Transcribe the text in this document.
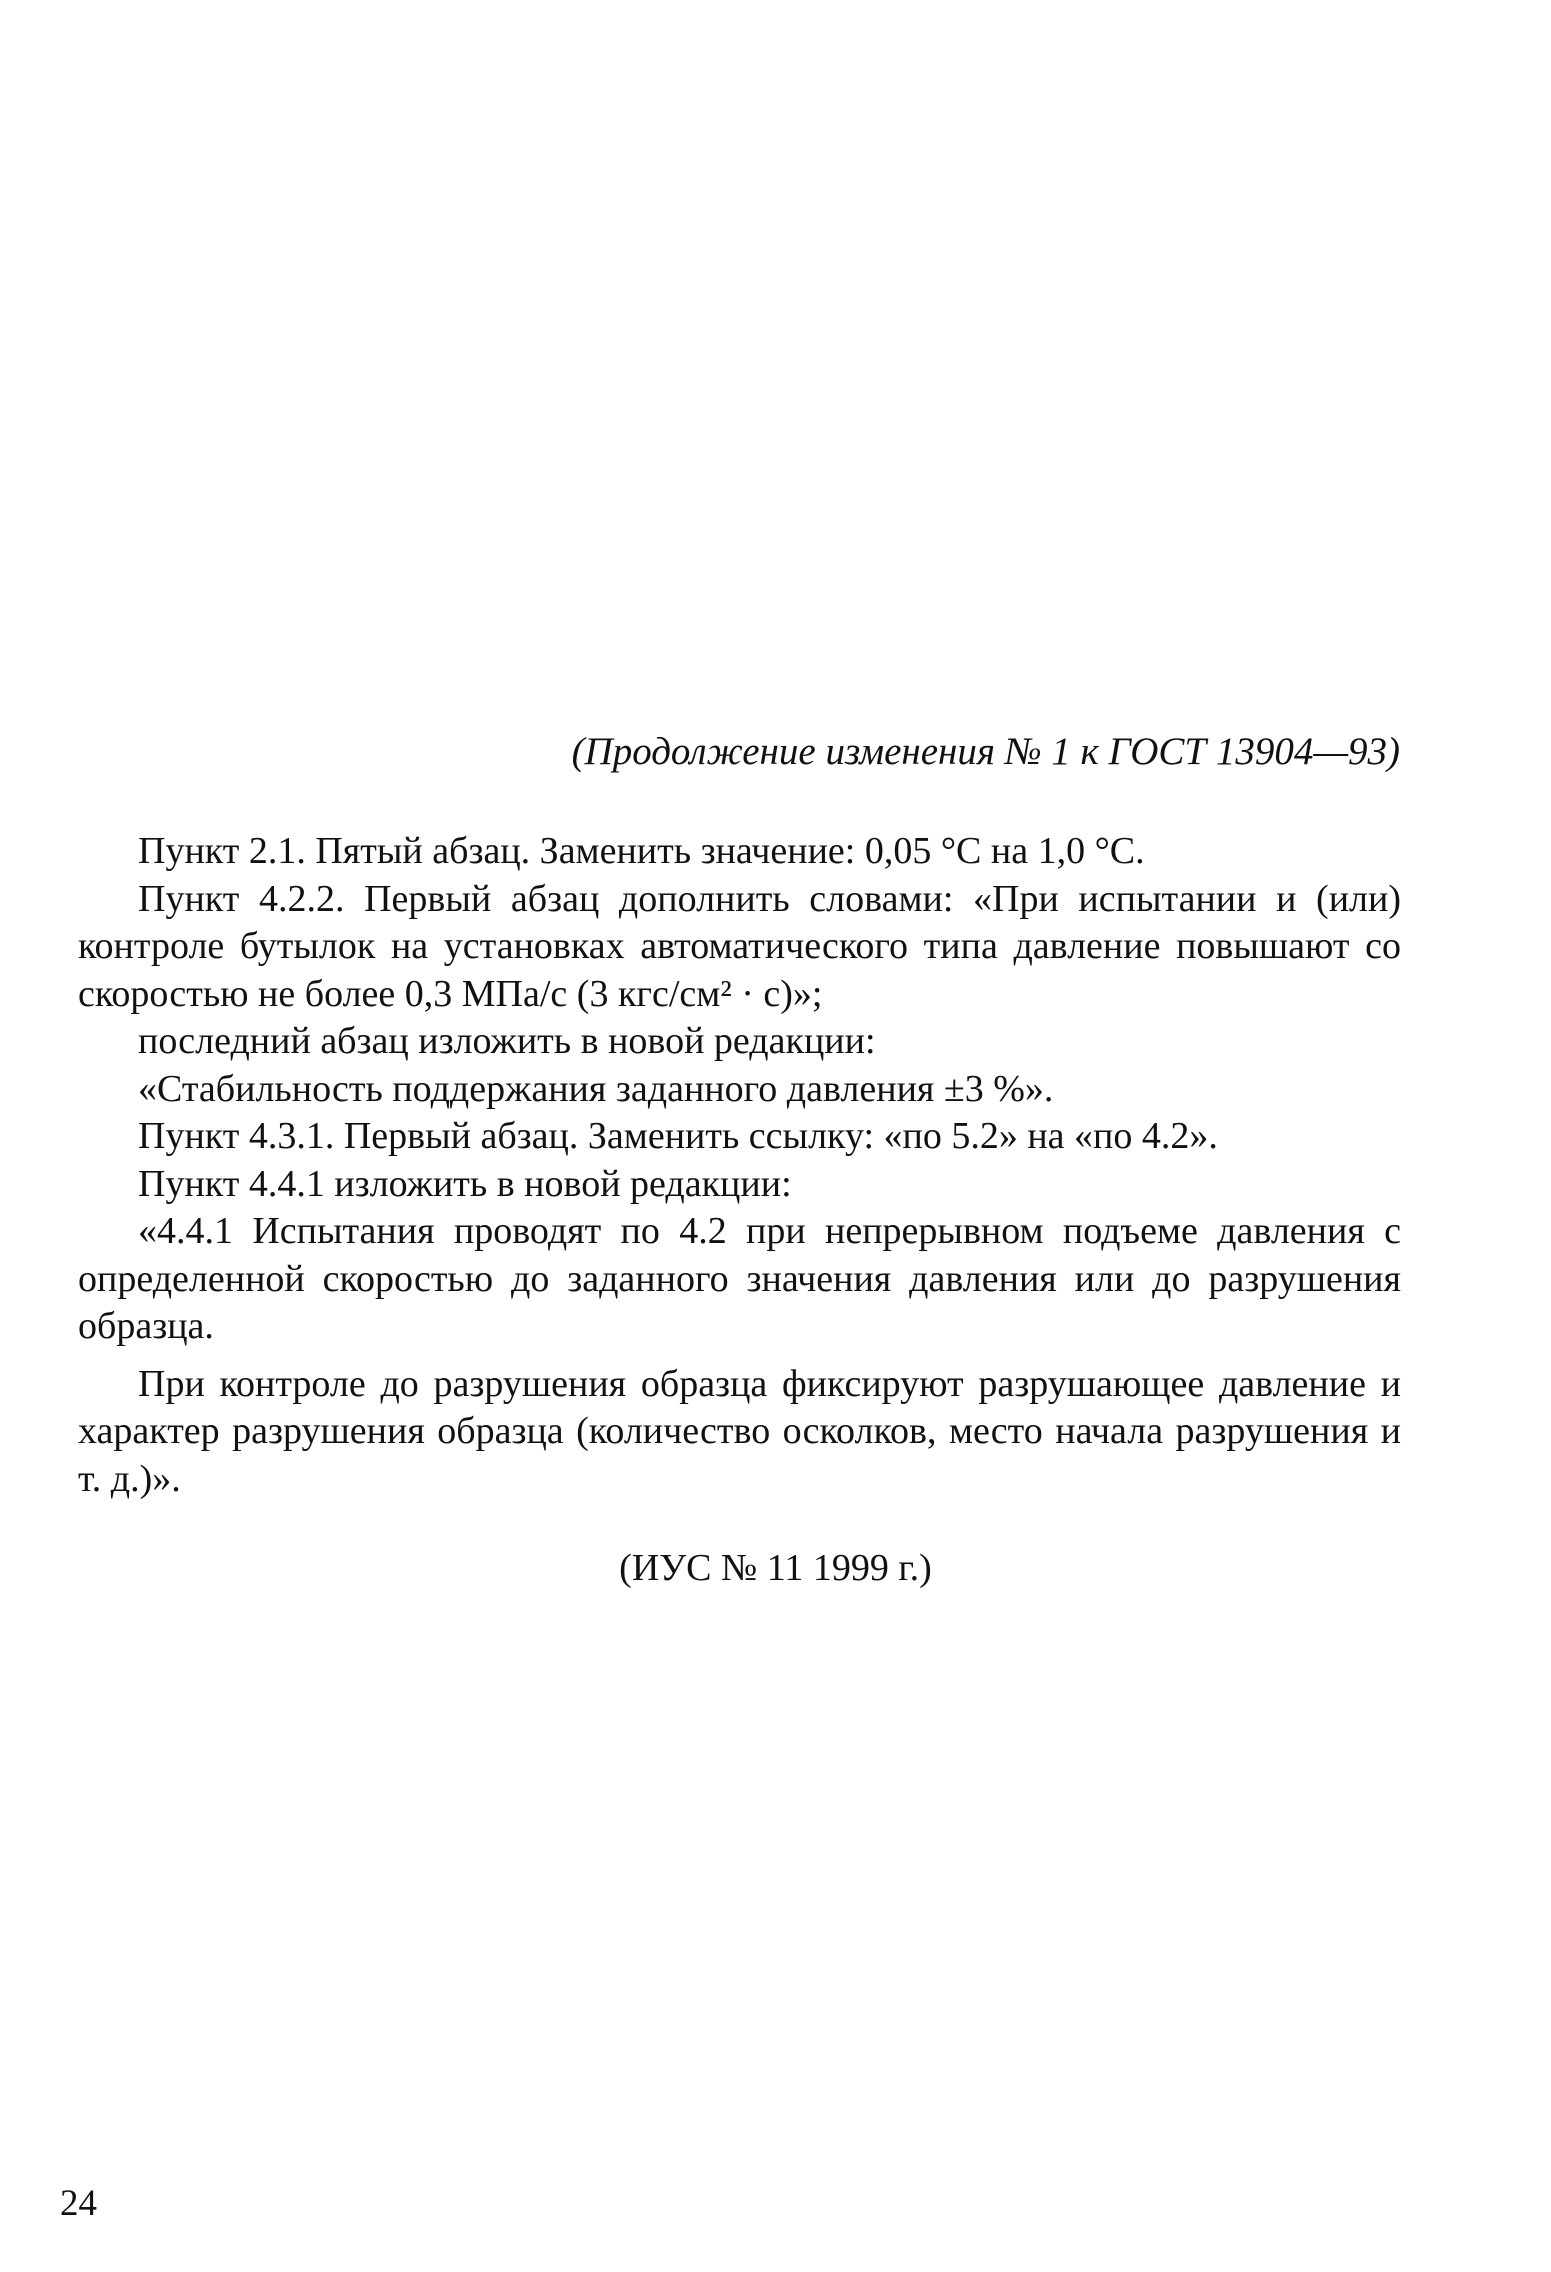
(Продолжение изменения № 1 к ГОСТ 13904—93)

Пункт 2.1. Пятый абзац. Заменить значение: 0,05 °С на 1,0 °С.

Пункт 4.2.2. Первый абзац дополнить словами: «При испытании и (или) контроле бутылок на установках автоматического типа давление повышают со скоростью не более 0,3 МПа/с (3 кгс/см² · с)»;

последний абзац изложить в новой редакции:

«Стабильность поддержания заданного давления ±3 %».

Пункт 4.3.1. Первый абзац. Заменить ссылку: «по 5.2» на «по 4.2».

Пункт 4.4.1 изложить в новой редакции:

«4.4.1 Испытания проводят по 4.2 при непрерывном подъеме давления с определенной скоростью до заданного значения давления или до разрушения образца.

При контроле до разрушения образца фиксируют разрушающее давление и характер разрушения образца (количество осколков, место начала разрушения и т. д.)».

(ИУС № 11 1999 г.)
24
